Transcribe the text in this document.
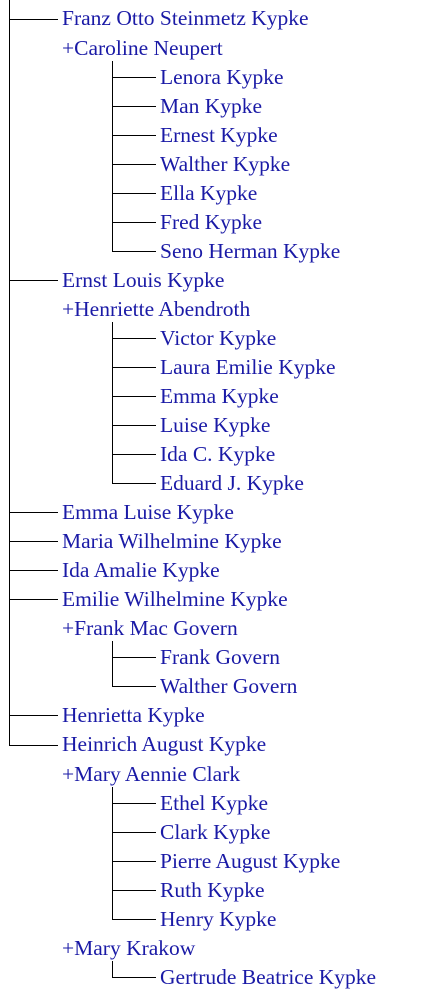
Franz Otto Steinmetz Kypke
+Caroline Neupert
Lenora Kypke
Man Kypke
Ernest Kypke
Walther Kypke
Ella Kypke
Fred Kypke
Seno Herman Kypke
Ernst Louis Kypke
+Henriette Abendroth
Victor Kypke
Laura Emilie Kypke
Emma Kypke
Luise Kypke
Ida C. Kypke
Eduard J. Kypke
Emma Luise Kypke
Maria Wilhelmine Kypke
Ida Amalie Kypke
Emilie Wilhelmine Kypke
+Frank Mac Govern
Frank Govern
Walther Govern
Henrietta Kypke
Heinrich August Kypke
+Mary Aennie Clark
Ethel Kypke
Clark Kypke
Pierre August Kypke
Ruth Kypke
Henry Kypke
+Mary Krakow
Gertrude Beatrice Kypke
